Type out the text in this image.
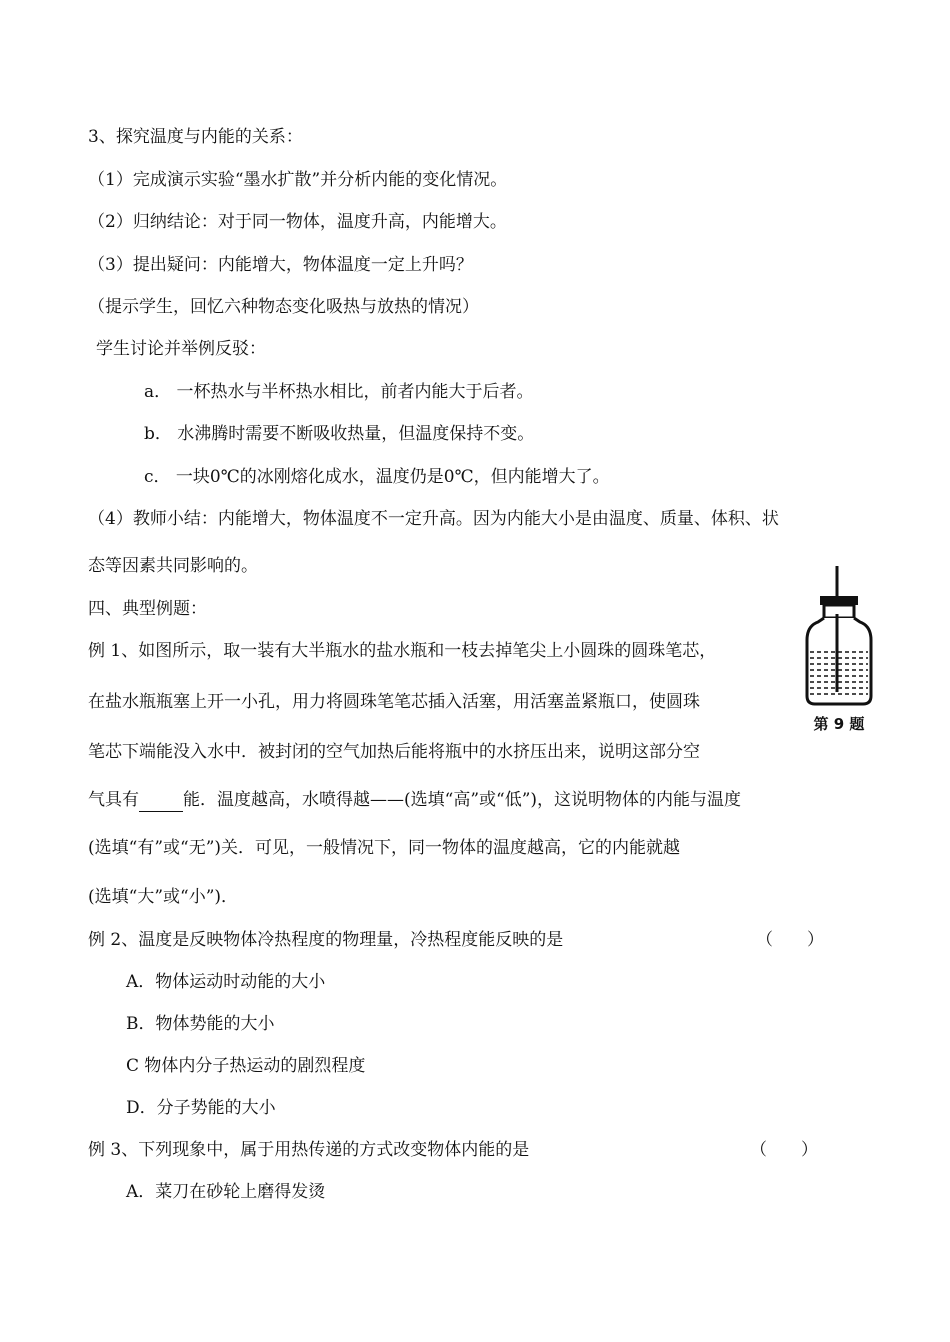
3、探究温度与内能的关系：
（1）完成演示实验“墨水扩散”并分析内能的变化情况。
（2）归纳结论：对于同一物体，温度升高，内能增大。
（3）提出疑问：内能增大，物体温度一定上升吗？
（提示学生，回忆六种物态变化吸热与放热的情况）
学生讨论并举例反驳：
a． 一杯热水与半杯热水相比，前者内能大于后者。
b． 水沸腾时需要不断吸收热量，但温度保持不变。
c． 一块0℃的冰刚熔化成水，温度仍是0℃，但内能增大了。
（4）教师小结：内能增大，物体温度不一定升高。因为内能大小是由温度、质量、体积、状
态等因素共同影响的。
四、典型例题：
例 1、如图所示，取一装有大半瓶水的盐水瓶和一枝去掉笔尖上小圆珠的圆珠笔芯，
在盐水瓶瓶塞上开一小孔，用力将圆珠笔笔芯插入活塞，用活塞盖紧瓶口，使圆珠
笔芯下端能没入水中．被封闭的空气加热后能将瓶中的水挤压出来，说明这部分空
气具有	能．温度越高，水喷得越——(选填“高”或“低”)，这说明物体的内能与温度
(选填“有”或“无”)关．可见，一般情况下，同一物体的温度越高，它的内能就越
(选填“大”或“小”)．
第 9 题
例 2、温度是反映物体冷热程度的物理量，冷热程度能反映的是	（　　）
A．物体运动时动能的大小
B．物体势能的大小
C 物体内分子热运动的剧烈程度
D．分子势能的大小
例 3、下列现象中，属于用热传递的方式改变物体内能的是	（　　）
A．菜刀在砂轮上磨得发烫
